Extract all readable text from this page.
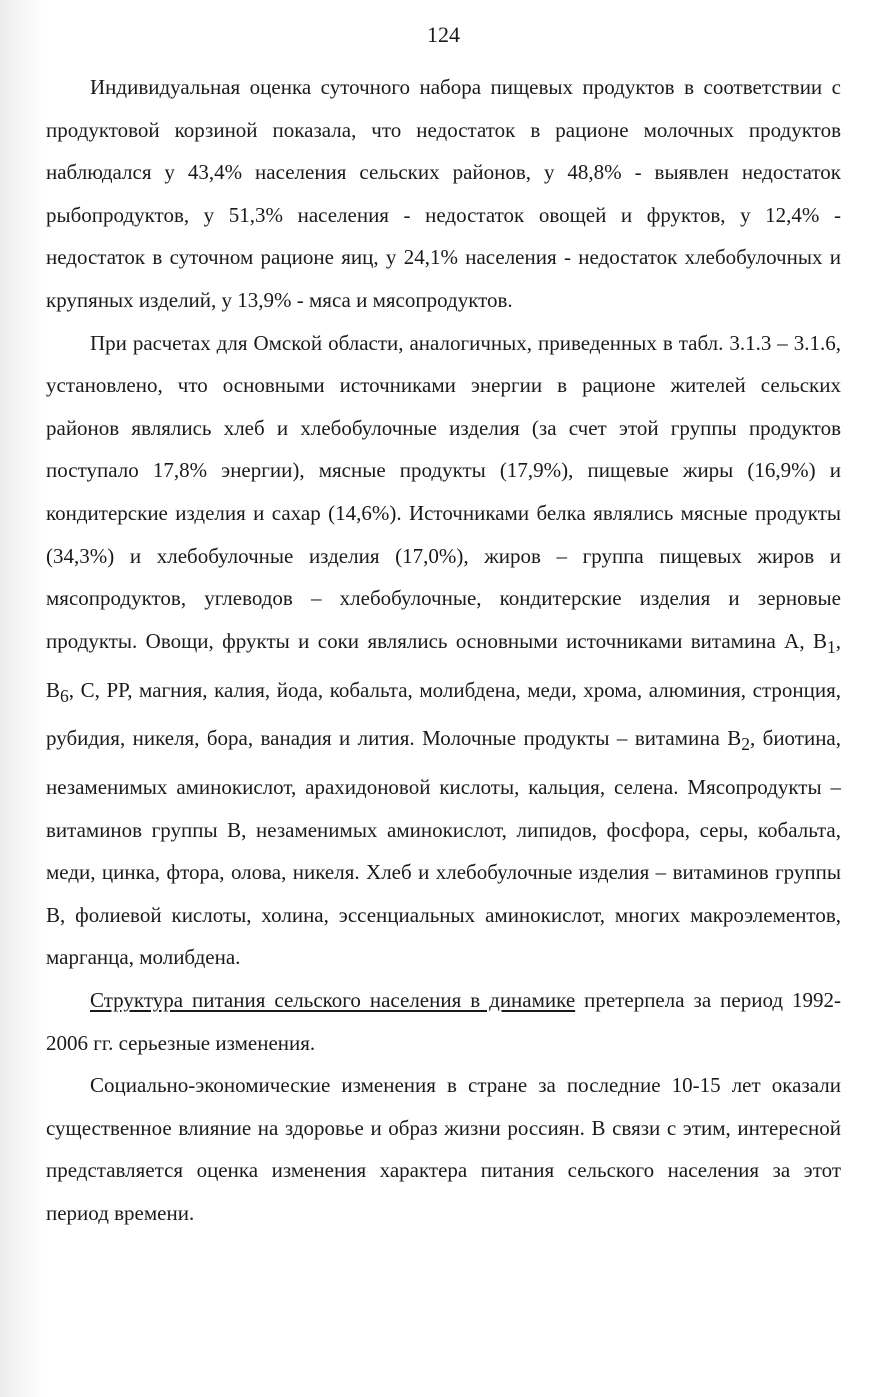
124

Индивидуальная оценка суточного набора пищевых продуктов в соответствии с продуктовой корзиной показала, что недостаток в рационе молочных продуктов наблюдался у 43,4% населения сельских районов, у 48,8% - выявлен недостаток рыбопродуктов, у 51,3% населения - недостаток овощей и фруктов, у 12,4% - недостаток в суточном рационе яиц, у 24,1% населения - недостаток хлебобулочных и крупяных изделий, у 13,9% - мяса и мясопродуктов.

При расчетах для Омской области, аналогичных, приведенных в табл. 3.1.3 – 3.1.6, установлено, что основными источниками энергии в рационе жителей сельских районов являлись хлеб и хлебобулочные изделия (за счет этой группы продуктов поступало 17,8% энергии), мясные продукты (17,9%), пищевые жиры (16,9%) и кондитерские изделия и сахар (14,6%). Источниками белка являлись мясные продукты (34,3%) и хлебобулочные изделия (17,0%), жиров – группа пищевых жиров и мясопродуктов, углеводов – хлебобулочные, кондитерские изделия и зерновые продукты. Овощи, фрукты и соки являлись основными источниками витамина А, $В_1$, $В_6$, С, РР, магния, калия, йода, кобальта, молибдена, меди, хрома, алюминия, стронция, рубидия, никеля, бора, ванадия и лития. Молочные продукты – витамина $В_2$, биотина, незаменимых аминокислот, арахидоновой кислоты, кальция, селена. Мясопродукты – витаминов группы В, незаменимых аминокислот, липидов, фосфора, серы, кобальта, меди, цинка, фтора, олова, никеля. Хлеб и хлебобулочные изделия – витаминов группы В, фолиевой кислоты, холина, эссенциальных аминокислот, многих макроэлементов, марганца, молибдена.

Структура питания сельского населения в динамике претерпела за период 1992-2006 гг. серьезные изменения.

Социально-экономические изменения в стране за последние 10-15 лет оказали существенное влияние на здоровье и образ жизни россиян. В связи с этим, интересной представляется оценка изменения характера питания сельского населения за этот период времени.
